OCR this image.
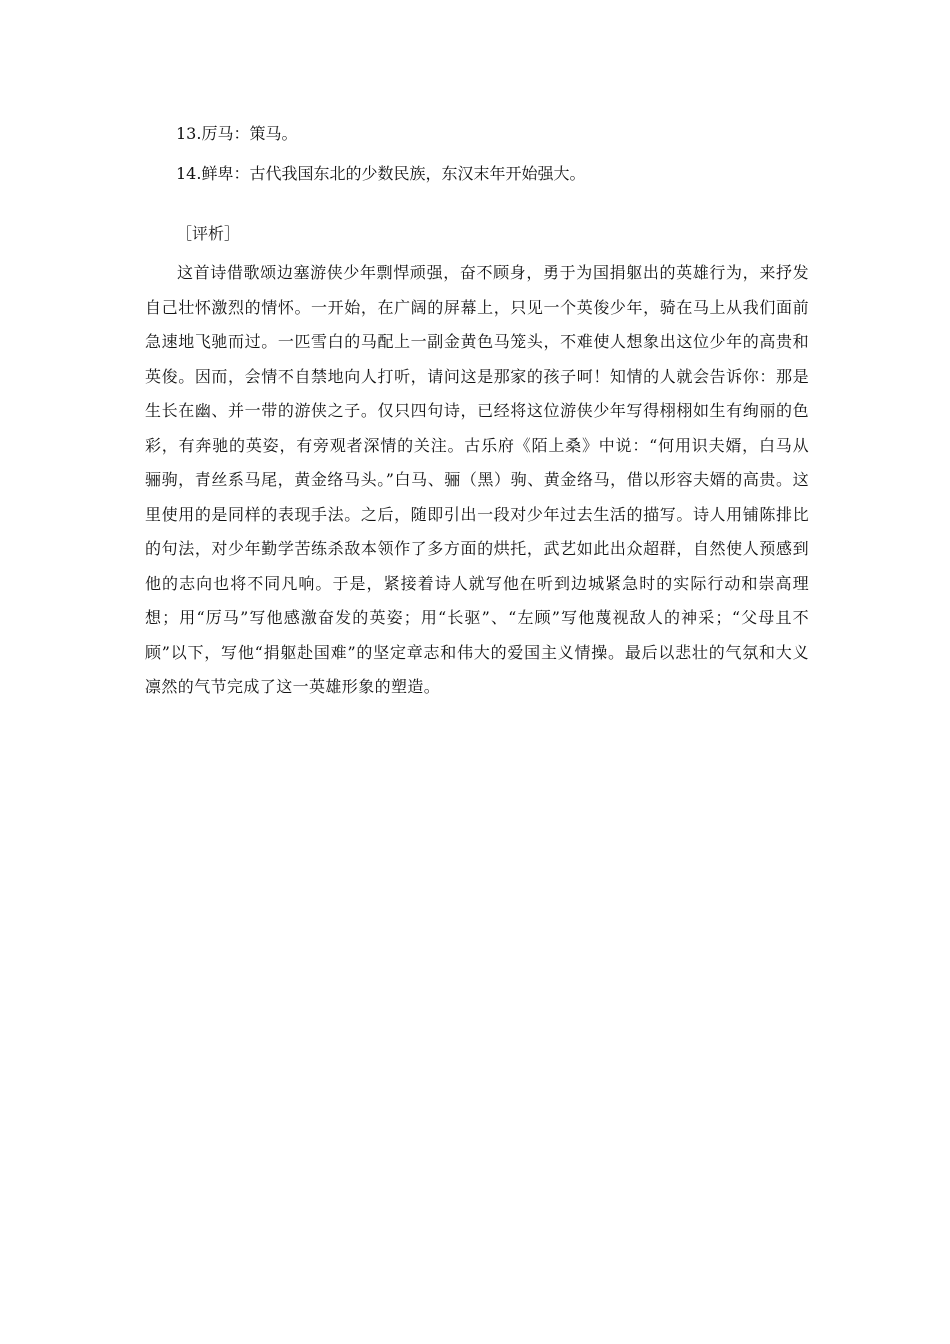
13.厉马：策马。
14.鲜卑：古代我国东北的少数民族，东汉末年开始强大。
［评析］

这首诗借歌颂边塞游侠少年剽悍顽强，奋不顾身，勇于为国捐躯出的英雄行为，来抒发自己壮怀激烈的情怀。一开始，在广阔的屏幕上，只见一个英俊少年，骑在马上从我们面前急速地飞驰而过。一匹雪白的马配上一副金黄色马笼头，不难使人想象出这位少年的高贵和英俊。因而，会情不自禁地向人打听，请问这是那家的孩子呵！知情的人就会告诉你：那是生长在幽、并一带的游侠之子。仅只四句诗，已经将这位游侠少年写得栩栩如生有绚丽的色彩，有奔驰的英姿，有旁观者深情的关注。古乐府《陌上桑》中说：“何用识夫婿，白马从骊驹，青丝系马尾，黄金络马头。”白马、骊（黑）驹、黄金络马，借以形容夫婿的高贵。这里使用的是同样的表现手法。之后，随即引出一段对少年过去生活的描写。诗人用铺陈排比的句法，对少年勤学苦练杀敌本领作了多方面的烘托，武艺如此出众超群，自然使人预感到他的志向也将不同凡响。于是，紧接着诗人就写他在听到边城紧急时的实际行动和崇高理想；用“厉马”写他感激奋发的英姿；用“长驱”、“左顾”写他蔑视敌人的神采；“父母且不顾”以下，写他“捐躯赴国难”的坚定章志和伟大的爱国主义情操。最后以悲壮的气氛和大义凛然的气节完成了这一英雄形象的塑造。
